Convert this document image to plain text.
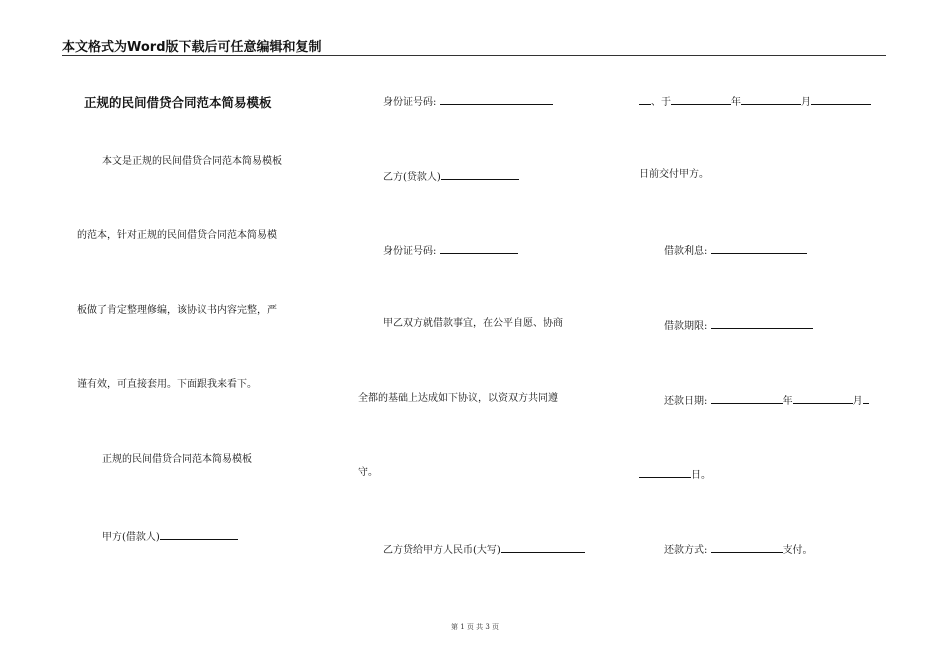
本文格式为Word版下载后可任意编辑和复制
正规的民间借贷合同范本简易模板
本文是正规的民间借贷合同范本简易模板
的范本，针对正规的民间借贷合同范本简易模
板做了肯定整理修编，该协议书内容完整，严
谨有效，可直接套用。下面跟我来看下。
正规的民间借贷合同范本简易模板
甲方(借款人)
身份证号码:
乙方(贷款人)
身份证号码:
甲乙双方就借款事宜，在公平自愿、协商
全都的基础上达成如下协议，以资双方共同遵
守。
乙方贷给甲方人民币(大写)
、于	年	月
日前交付甲方。
借款利息:
借款期限:
还款日期:	年	月
日。
还款方式:	支付。
第 1 页 共 3 页
